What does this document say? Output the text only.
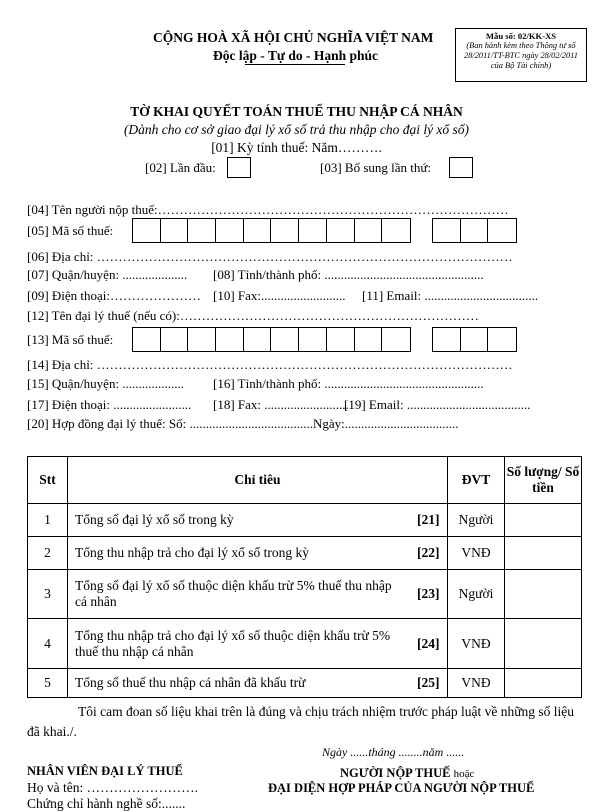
CỘNG HOÀ XÃ HỘI CHỦ NGHĨA VIỆT NAM
Độc lập - Tự do - Hạnh phúc
Mẫu số: 02/KK-XS
(Ban hành kèm theo Thông tư số 28/2011/TT-BTC ngày 28/02/2011 của Bộ Tài chính)
TỜ KHAI QUYẾT TOÁN THUẾ THU NHẬP CÁ NHÂN
(Dành cho cơ sở giao đại lý xổ số trả thu nhập cho đại lý xổ số)
[01] Kỳ tính thuế: Năm……….
[02] Lần đầu:	[03] Bổ sung lần thứ:
[04] Tên người nộp thuế:………………………………………………………………………
[05] Mã số thuế:
[06] Địa chỉ: ……………………………………………………………………………………
[07] Quận/huyện: .................... [08] Tỉnh/thành phố: .................................................
[09] Điện thoại:………………… [10] Fax:.......................... [11] Email: ...................................
[12] Tên đại lý thuế (nếu có):……………………………………………………………
[13] Mã số thuế:
[14] Địa chỉ: ……………………………………………………………………………………
[15] Quận/huyện: ................... [16] Tỉnh/thành phố: .................................................
[17] Điện thoại: ........................ [18] Fax: ..........................
[19] Email: ......................................
[20] Hợp đồng đại lý thuế: Số: ......................................Ngày:...................................
Stt	Chỉ tiêu		ĐVT	Số lượng/ Số tiền
1	Tổng số đại lý xổ số trong kỳ	[21]	Người	
2	Tổng thu nhập trả cho đại lý xổ số trong kỳ	[22]	VNĐ	
3	Tổng số đại lý xổ số thuộc diện khấu trừ 5% thuế thu nhập cá nhân	[23]	Người	
4	Tổng thu nhập trả cho đại lý xổ số thuộc diện khấu trừ 5% thuế thu nhập cá nhân	[24]	VNĐ	
5	Tổng số thuế thu nhập cá nhân đã khấu trừ	[25]	VNĐ	
Tôi cam đoan số liệu khai trên là đúng và chịu trách nhiệm trước pháp luật về những số liệu đã khai./.
Ngày ......tháng ........năm ......
NHÂN VIÊN ĐẠI LÝ THUẾ
Họ và tên: …………………….
Chứng chỉ hành nghề số:.......
NGƯỜI NỘP THUẾ hoặc
ĐẠI DIỆN HỢP PHÁP CỦA NGƯỜI NỘP THUẾ
